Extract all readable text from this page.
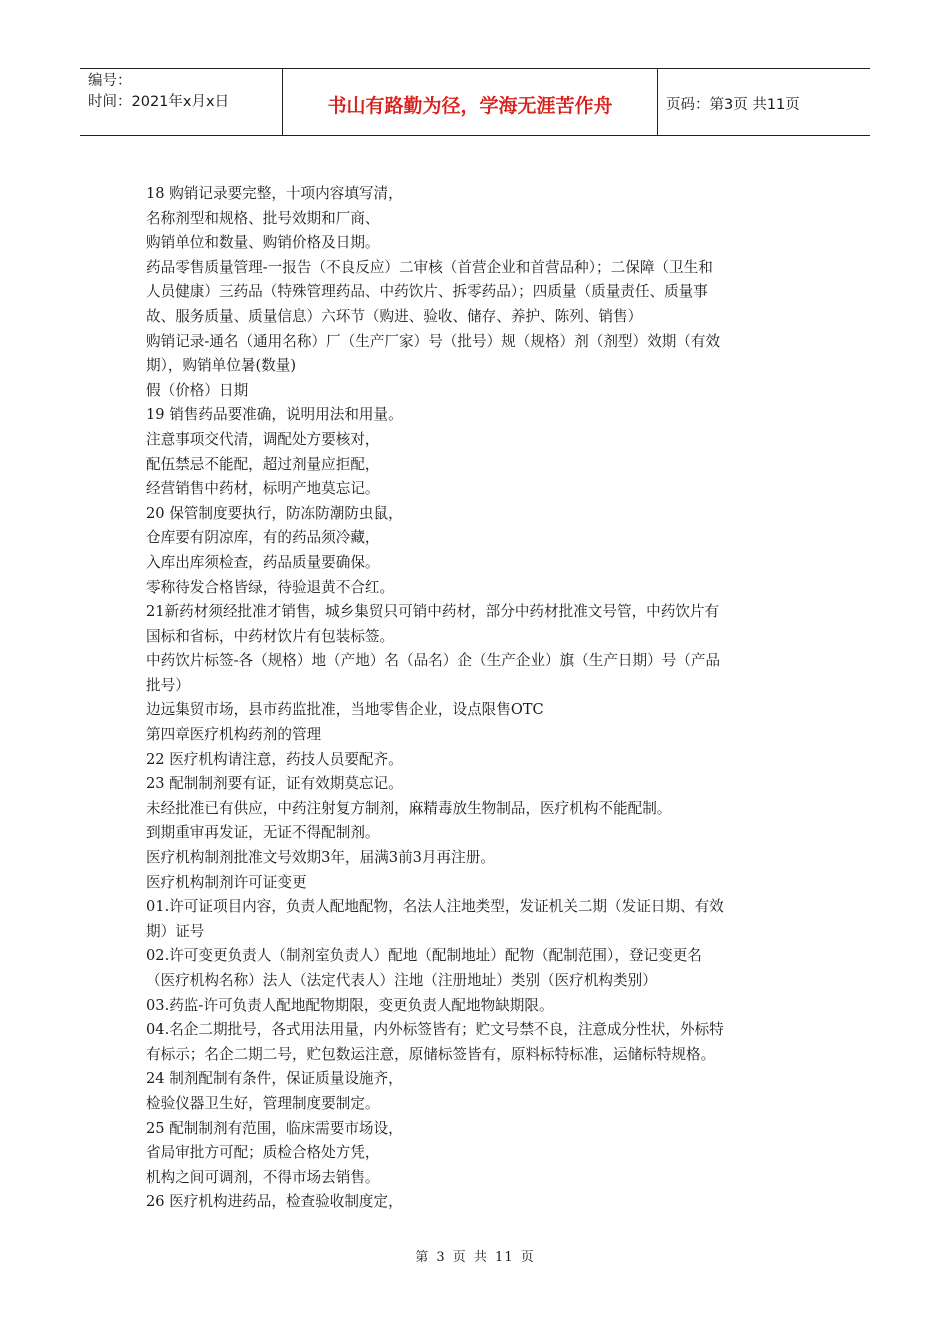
编号：
时间：2021年x月x日	书山有路勤为径，学海无涯苦作舟	页码：第3页 共11页
18 购销记录要完整，十项内容填写清，
名称剂型和规格、批号效期和厂商、
购销单位和数量、购销价格及日期。
药品零售质量管理-一报告（不良反应）二审核（首营企业和首营品种）；二保障（卫生和
人员健康）三药品（特殊管理药品、中药饮片、拆零药品）；四质量（质量责任、质量事
故、服务质量、质量信息）六环节（购进、验收、储存、养护、陈列、销售）
购销记录-通名（通用名称）厂（生产厂家）号（批号）规（规格）剂（剂型）效期（有效
期），购销单位暑(数量)
假（价格）日期
19 销售药品要准确，说明用法和用量。
注意事项交代清，调配处方要核对，
配伍禁忌不能配，超过剂量应拒配，
经营销售中药材，标明产地莫忘记。
20 保管制度要执行，防冻防潮防虫鼠，
仓库要有阴凉库，有的药品须冷藏，
入库出库须检查，药品质量要确保。
零称待发合格皆绿，待验退黄不合红。
21新药材须经批准才销售，城乡集贸只可销中药材，部分中药材批准文号管，中药饮片有
国标和省标，中药材饮片有包装标签。
中药饮片标签-各（规格）地（产地）名（品名）企（生产企业）旗（生产日期）号（产品
批号）
边远集贸市场，县市药监批准，当地零售企业，设点限售OTC
第四章医疗机构药剂的管理
22 医疗机构请注意，药技人员要配齐。
23 配制制剂要有证，证有效期莫忘记。
未经批准已有供应，中药注射复方制剂，麻精毒放生物制品，医疗机构不能配制。
到期重审再发证，无证不得配制剂。
医疗机构制剂批准文号效期3年，届满3前3月再注册。
医疗机构制剂许可证变更
01.许可证项目内容，负责人配地配物，名法人注地类型，发证机关二期（发证日期、有效
期）证号
02.许可变更负责人（制剂室负责人）配地（配制地址）配物（配制范围），登记变更名
（医疗机构名称）法人（法定代表人）注地（注册地址）类别（医疗机构类别）
03.药监-许可负责人配地配物期限，变更负责人配地物缺期限。
04.名企二期批号，各式用法用量，内外标签皆有；贮文号禁不良，注意成分性状，外标特
有标示；名企二期二号，贮包数运注意，原储标签皆有，原料标特标准，运储标特规格。
24 制剂配制有条件，保证质量设施齐，
检验仪器卫生好，管理制度要制定。
25 配制制剂有范围，临床需要市场设，
省局审批方可配；质检合格处方凭，
机构之间可调剂，不得市场去销售。
26 医疗机构进药品，检查验收制度定，
第 3 页 共 11 页
